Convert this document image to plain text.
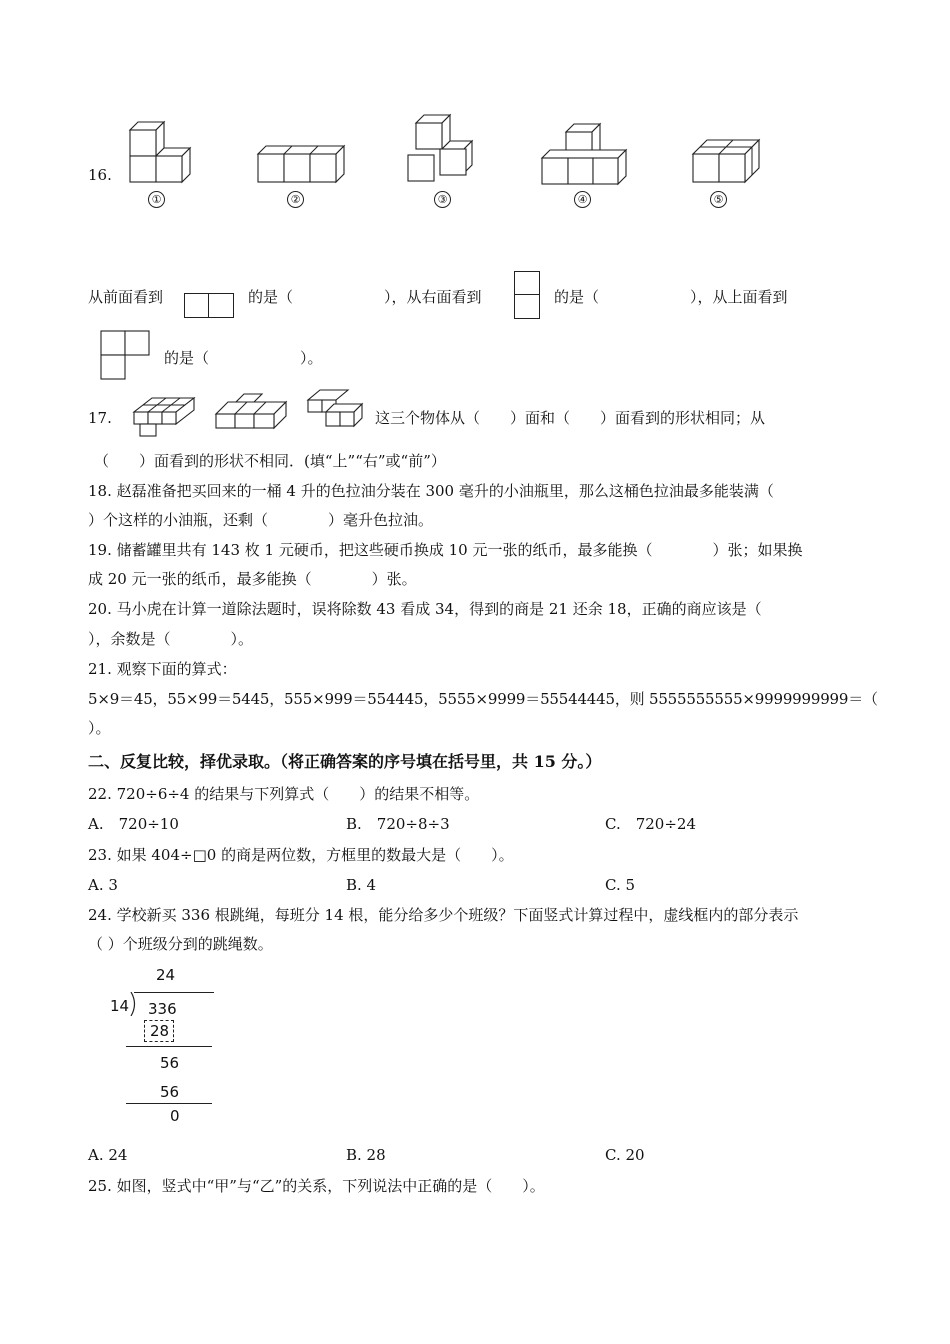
16.
①	②	③	④	⑤
从前面看到	的是（	），从右面看到	的是（	），从上面看到
的是（	）。
17.	这三个物体从（　　）面和（　　）面看到的形状相同；从
（　　）面看到的形状不相同．(填“上”“右”或“前”）
18. 赵磊准备把买回来的一桶 4 升的色拉油分装在 300 毫升的小油瓶里，那么这桶色拉油最多能装满（
）个这样的小油瓶，还剩（　　　　）毫升色拉油。
19. 储蓄罐里共有 143 枚 1 元硬币，把这些硬币换成 10 元一张的纸币，最多能换（　　　　）张；如果换
成 20 元一张的纸币，最多能换（　　　　）张。
20. 马小虎在计算一道除法题时，误将除数 43 看成 34，得到的商是 21 还余 18，正确的商应该是（
），余数是（　　　　）。
21. 观察下面的算式：
5×9＝45，55×99＝5445，555×999＝554445，5555×9999＝55544445，则 5555555555×9999999999＝（
）。
二、反复比较，择优录取。（将正确答案的序号填在括号里，共 15 分。）
22. 720÷6÷4 的结果与下列算式（　　）的结果不相等。
A.　720÷10	B.　720÷8÷3	C.　720÷24
23. 如果 404÷□0 的商是两位数，方框里的数最大是（　　）。
A. 3	B. 4	C. 5
24. 学校新买 336 根跳绳，每班分 14 根，能分给多少个班级？下面竖式计算过程中，虚线框内的部分表示
（ ）个班级分到的跳绳数。
24
14 336
28
56
56
0
A. 24	B. 28	C. 20
25. 如图，竖式中“甲”与“乙”的关系，下列说法中正确的是（　　）。
